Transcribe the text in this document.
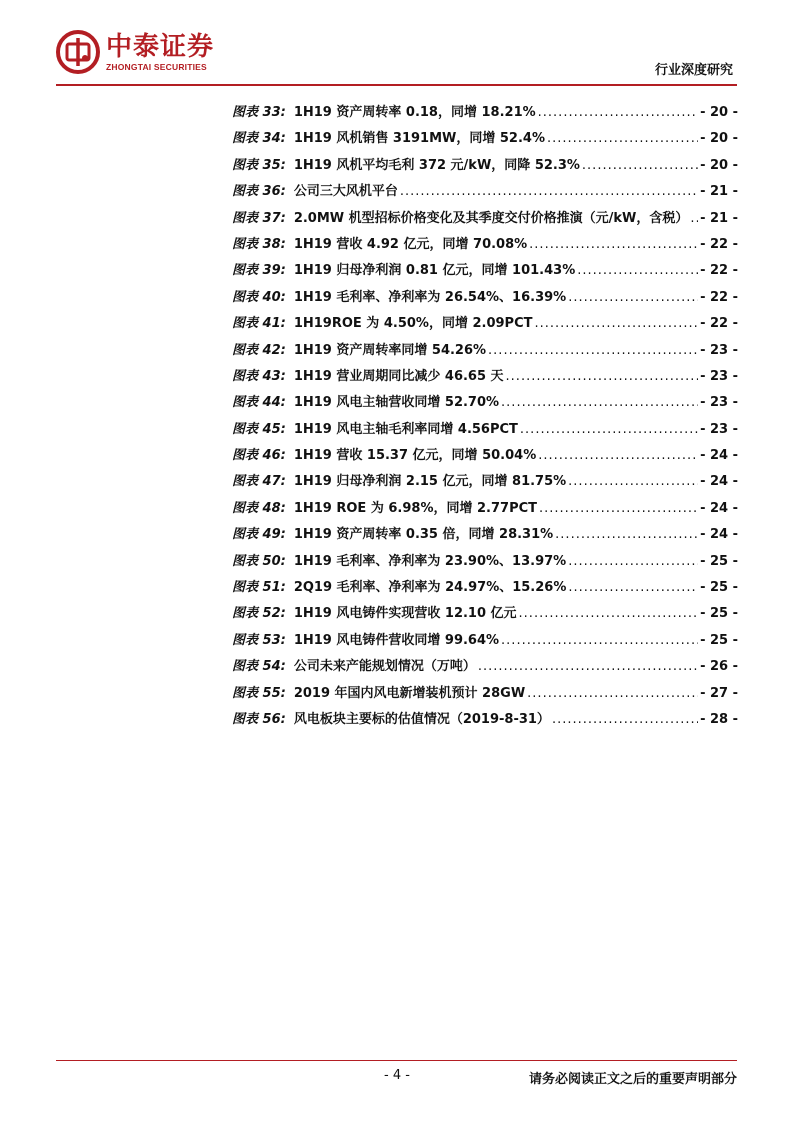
中泰证券
ZHONGTAI SECURITIES	行业深度研究
图表 33: 1H19 资产周转率 0.18，同增 18.21% .....	- 20 -
图表 34: 1H19 风机销售 3191MW，同增 52.4% .....	- 20 -
图表 35: 1H19 风机平均毛利 372 元/kW，同降 52.3% .....	- 20 -
图表 36: 公司三大风机平台 .....	- 21 -
图表 37: 2.0MW 机型招标价格变化及其季度交付价格推演（元/kW，含税） ..... - 21 -
图表 38: 1H19 营收 4.92 亿元，同增 70.08% .....	- 22 -
图表 39: 1H19 归母净利润 0.81 亿元，同增 101.43% .....	- 22 -
图表 40: 1H19 毛利率、净利率为 26.54%、16.39% .....	- 22 -
图表 41: 1H19ROE 为 4.50%，同增 2.09PCT .....	- 22 -
图表 42: 1H19 资产周转率同增 54.26% .....	- 23 -
图表 43: 1H19 营业周期同比减少 46.65 天 .....	- 23 -
图表 44: 1H19 风电主轴营收同增 52.70% .....	- 23 -
图表 45: 1H19 风电主轴毛利率同增 4.56PCT .....	- 23 -
图表 46: 1H19 营收 15.37 亿元，同增 50.04% .....	- 24 -
图表 47: 1H19 归母净利润 2.15 亿元，同增 81.75% .....	- 24 -
图表 48: 1H19 ROE 为 6.98%，同增 2.77PCT .....	- 24 -
图表 49: 1H19 资产周转率 0.35 倍，同增 28.31% .....	- 24 -
图表 50: 1H19 毛利率、净利率为 23.90%、13.97% .....	- 25 -
图表 51: 2Q19 毛利率、净利率为 24.97%、15.26% .....	- 25 -
图表 52: 1H19 风电铸件实现营收 12.10 亿元 .....	- 25 -
图表 53: 1H19 风电铸件营收同增 99.64% .....	- 25 -
图表 54: 公司未来产能规划情况（万吨） .....	- 26 -
图表 55: 2019 年国内风电新增装机预计 28GW .....	- 27 -
图表 56: 风电板块主要标的估值情况（2019-8-31） .....	- 28 -
- 4 -	请务必阅读正文之后的重要声明部分
